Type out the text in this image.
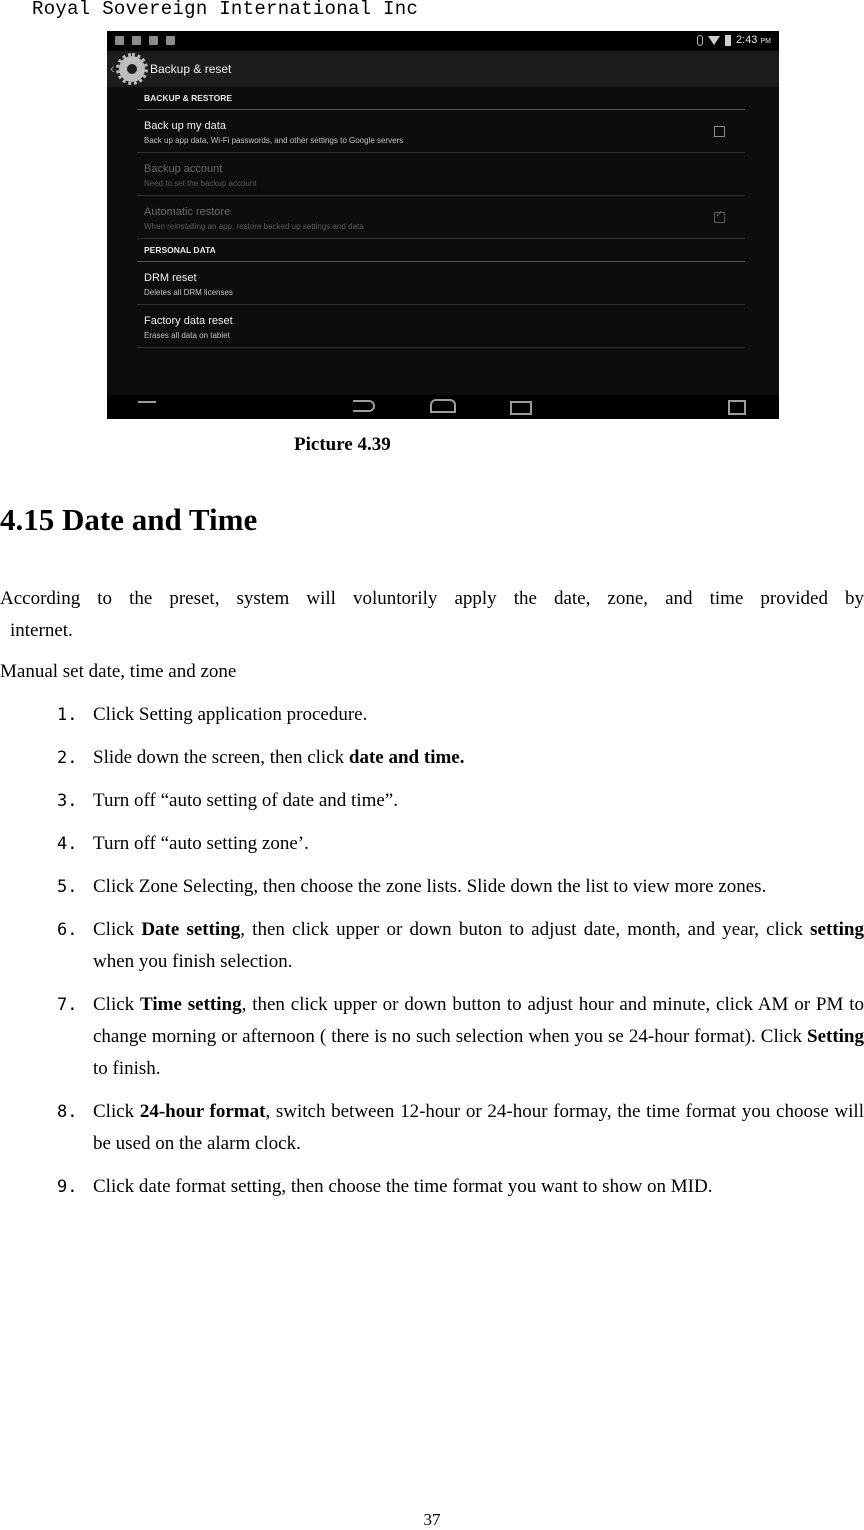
Royal Sovereign International Inc
2:43 PM
‹	Backup & reset
BACKUP & RESTORE
Back up my data
Back up app data, Wi-Fi passwords, and other settings to Google servers
Backup account
Need to set the backup account
Automatic restore
When reinstalling an app, restore backed up settings and data
✓
PERSONAL DATA
DRM reset
Deletes all DRM licenses
Factory data reset
Erases all data on tablet
Picture 4.39
4.15 Date and Time
According to the preset, system will voluntorily apply the date, zone, and time provided by
internet.
Manual set date, time and zone
1. Click Setting application procedure.
2. Slide down the screen, then click date and time.
3. Turn off “auto setting of date and time”.
4. Turn off “auto setting zone’.
5. Click Zone Selecting, then choose the zone lists. Slide down the list to view more zones.
6. Click Date setting, then click upper or down buton to adjust date, month, and year, click setting when you finish selection.
7. Click Time setting, then click upper or down button to adjust hour and minute, click AM or PM to change morning or afternoon ( there is no such selection when you se 24-hour format). Click Setting to finish.
8. Click 24-hour format, switch between 12-hour or 24-hour formay, the time format you choose will be used on the alarm clock.
9. Click date format setting, then choose the time format you want to show on MID.
37
